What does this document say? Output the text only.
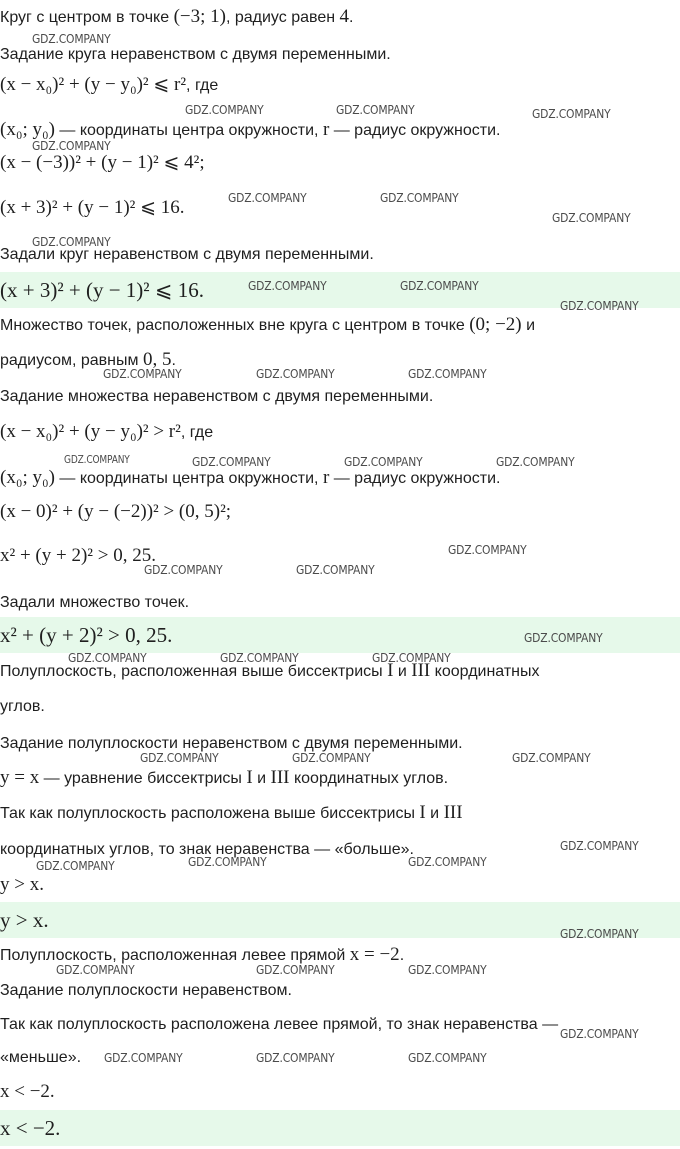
Круг с центром в точке (−3; 1), радиус равен 4.
Задание круга неравенством с двумя переменными.
(x − x₀)² + (y − y₀)² ⩽ r², где
(x₀; y₀) — координаты центра окружности, r — радиус окружности.
(x − (−3))² + (y − 1)² ⩽ 4²;
(x + 3)² + (y − 1)² ⩽ 16.
Задали круг неравенством с двумя переменными.
(x + 3)² + (y − 1)² ⩽ 16.
Множество точек, расположенных вне круга с центром в точке (0; −2) и
радиусом, равным 0, 5.
Задание множества неравенством с двумя переменными.
(x − x₀)² + (y − y₀)² > r², где
(x₀; y₀) — координаты центра окружности, r — радиус окружности.
(x − 0)² + (y − (−2))² > (0, 5)²;
x² + (y + 2)² > 0, 25.
Задали множество точек.
x² + (y + 2)² > 0, 25.
Полуплоскость, расположенная выше биссектрисы I и III координатных
углов.
Задание полуплоскости неравенством с двумя переменными.
y = x — уравнение биссектрисы I и III координатных углов.
Так как полуплоскость расположена выше биссектрисы I и III
координатных углов, то знак неравенства — «больше».
y > x.
y > x.
Полуплоскость, расположенная левее прямой x = −2.
Задание полуплоскости неравенством.
Так как полуплоскость расположена левее прямой, то знак неравенства —
«меньше».
x < −2.
x < −2.
GDZ.COMPANY
GDZ.COMPANY	GDZ.COMPANY	GDZ.COMPANY
GDZ.COMPANY
GDZ.COMPANY	GDZ.COMPANY
GDZ.COMPANY
GDZ.COMPANY
GDZ.COMPANY	GDZ.COMPANY
GDZ.COMPANY
GDZ.COMPANY	GDZ.COMPANY	GDZ.COMPANY
GDZ.COMPANY	GDZ.COMPANY	GDZ.COMPANY	GDZ.COMPANY
GDZ.COMPANY
GDZ.COMPANY	GDZ.COMPANY
GDZ.COMPANY
GDZ.COMPANY	GDZ.COMPANY	GDZ.COMPANY
GDZ.COMPANY	GDZ.COMPANY	GDZ.COMPANY
GDZ.COMPANY
GDZ.COMPANY	GDZ.COMPANY	GDZ.COMPANY
GDZ.COMPANY
GDZ.COMPANY	GDZ.COMPANY	GDZ.COMPANY
GDZ.COMPANY
GDZ.COMPANY	GDZ.COMPANY	GDZ.COMPANY
